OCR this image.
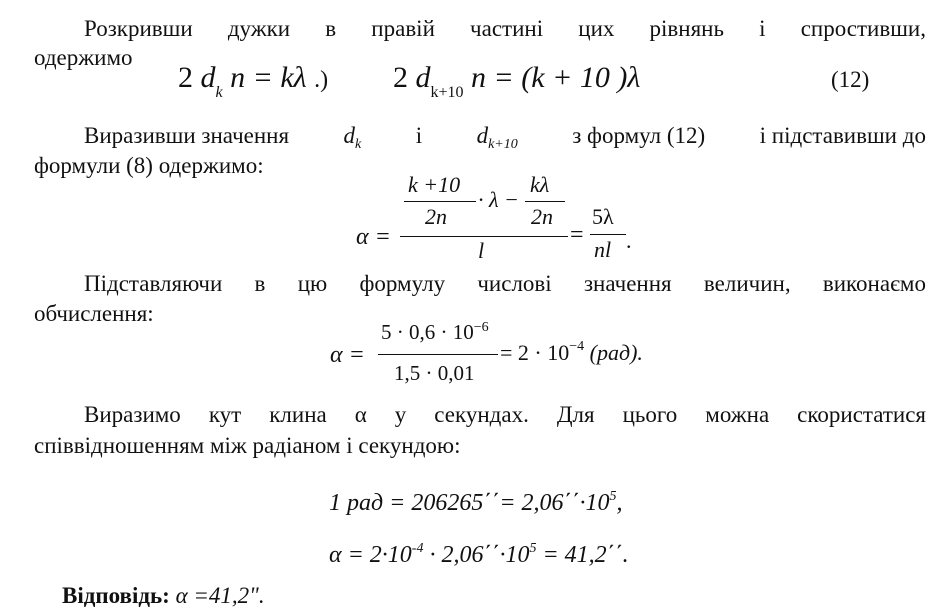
Розкривши дужки в правій частині цих рівнянь і спростивши,
одержимо
2 $d_k$ n = kλ .) 2 $d_{k+10}$ n = (k + 10 )λ	(12)
Виразивши значення $d_k$ і $d_{k+10}$ з формул (12) і підставивши до
формули (8) одержимо:
α =
k +10
2n
· λ −
kλ
2n
l
=
5λ
nl .
Підставляючи в цю формулу числові значення величин, виконаємо
обчислення:
α =
$5 \cdot 0,6 \cdot 10^{-6}$
1,5 · 0,01
= $2 \cdot 10^{-4}$ (рад).
Виразимо кут клина α у секундах. Для цього можна скористатися
співвідношенням між радіаном і секундою:
1 рад = $206265΄΄= 2,06΄΄\cdot 10^5$,
$\alpha = 2\cdot 10^{-4} \cdot 2,06΄΄\cdot 10^5 = 41,2΄΄$.
Відповідь: α =41,2".
